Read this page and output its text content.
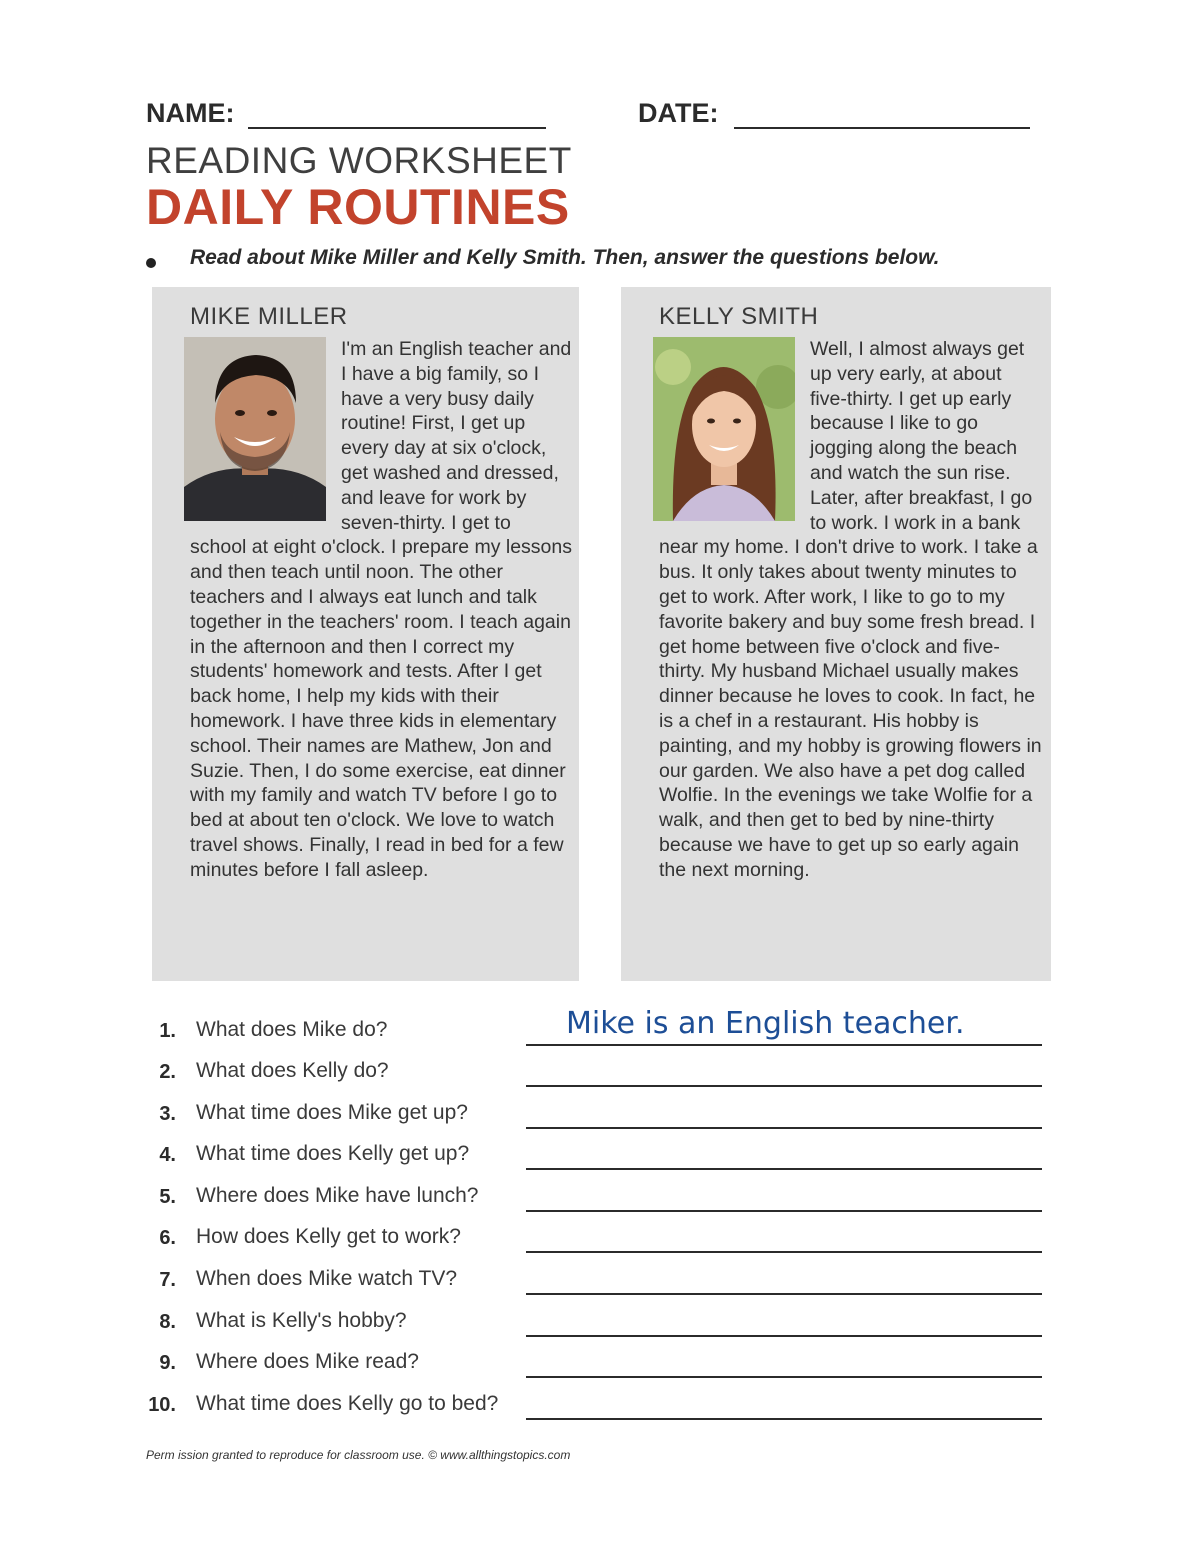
NAME:	DATE:
READING WORKSHEET
DAILY ROUTINES
Read about Mike Miller and Kelly Smith. Then, answer the questions below.
MIKE MILLER

I'm an English teacher and I have a big family, so I have a very busy daily routine! First, I get up every day at six o'clock, get washed and dressed, and leave for work by seven-thirty. I get to school at eight o'clock. I prepare my lessons and then teach until noon. The other teachers and I always eat lunch and talk together in the teachers' room. I teach again in the afternoon and then I correct my students' homework and tests. After I get back home, I help my kids with their homework. I have three kids in elementary school. Their names are Mathew, Jon and Suzie. Then, I do some exercise, eat dinner with my family and watch TV before I go to bed at about ten o'clock. We love to watch travel shows. Finally, I read in bed for a few minutes before I fall asleep.

KELLY SMITH

Well, I almost always get up very early, at about five-thirty. I get up early because I like to go jogging along the beach and watch the sun rise. Later, after breakfast, I go to work. I work in a bank near my home. I don't drive to work. I take a bus. It only takes about twenty minutes to get to work. After work, I like to go to my favorite bakery and buy some fresh bread. I get home between five o'clock and five-thirty. My husband Michael usually makes dinner because he loves to cook. In fact, he is a chef in a restaurant. His hobby is painting, and my hobby is growing flowers in our garden. We also have a pet dog called Wolfie. In the evenings we take Wolfie for a walk, and then get to bed by nine-thirty because we have to get up so early again the next morning.

1. What does Mike do?	Mike is an English teacher.
2. What does Kelly do?
3. What time does Mike get up?
4. What time does Kelly get up?
5. Where does Mike have lunch?
6. How does Kelly get to work?
7. When does Mike watch TV?
8. What is Kelly's hobby?
9. Where does Mike read?
10. What time does Kelly go to bed?
Perm ission granted to reproduce for classroom use. © www.allthingstopics.com
